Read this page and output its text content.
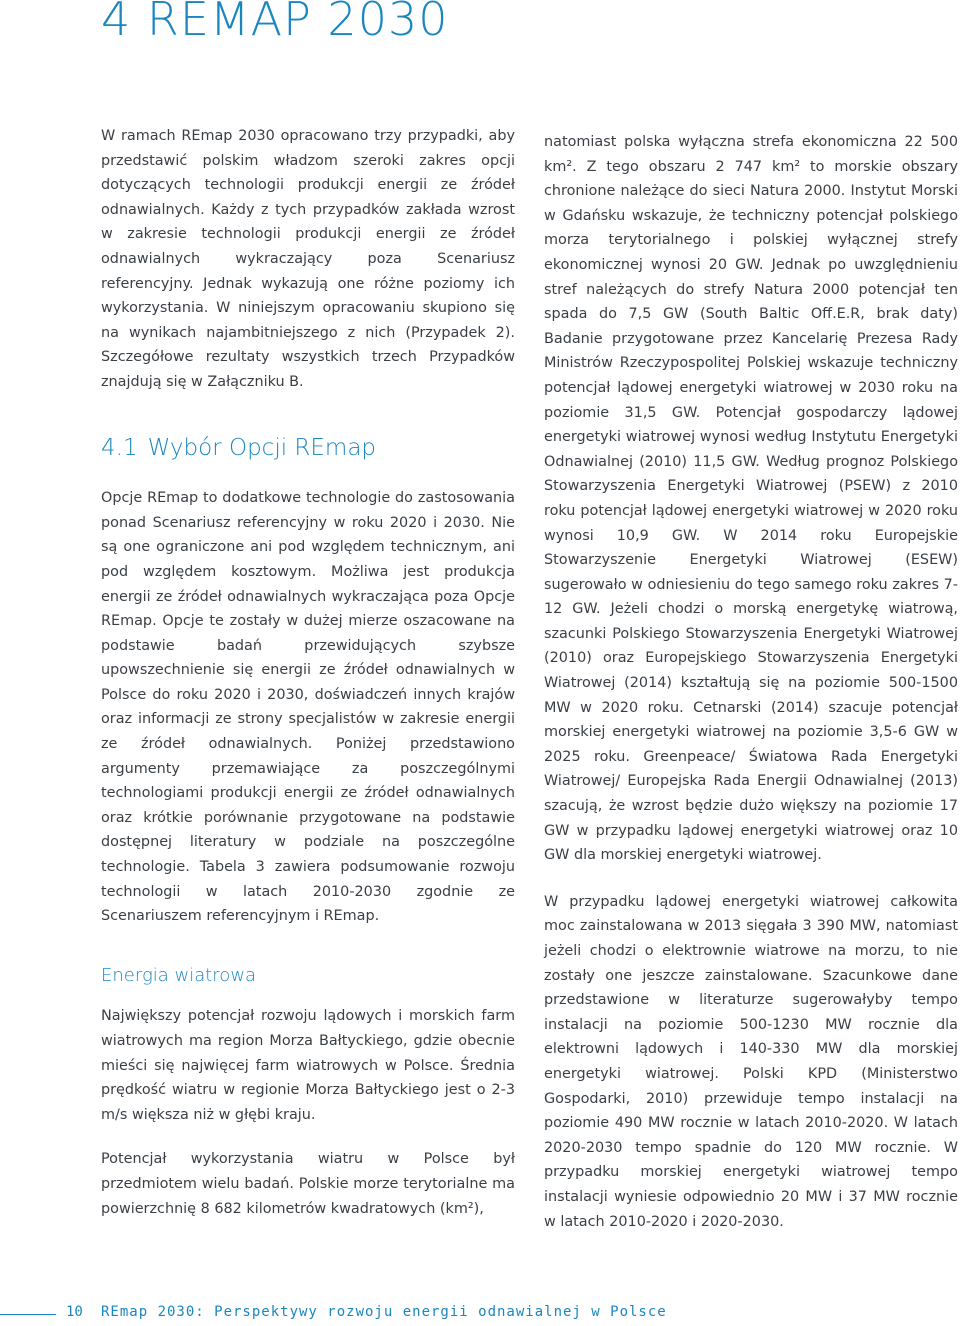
4 REMAP 2030

W ramach REmap 2030 opracowano trzy przypadki, aby przedstawić polskim władzom szeroki zakres opcji dotyczących technologii produkcji energii ze źródeł odnawialnych. Każdy z tych przypadków zakłada wzrost w zakresie technologii produkcji energii ze źródeł odnawialnych wykraczający poza Scenariusz referencyjny. Jednak wykazują one różne poziomy ich wykorzystania. W niniejszym opracowaniu skupiono się na wynikach najambitniejszego z nich (Przypadek 2). Szczegółowe rezultaty wszystkich trzech Przypadków znajdują się w Załączniku B.

4.1 Wybór Opcji REmap

Opcje REmap to dodatkowe technologie do zastosowania ponad Scenariusz referencyjny w roku 2020 i 2030. Nie są one ograniczone ani pod względem technicznym, ani pod względem kosztowym. Możliwa jest produkcja energii ze źródeł odnawialnych wykraczająca poza Opcje REmap. Opcje te zostały w dużej mierze oszacowane na podstawie badań przewidujących szybsze upowszechnienie się energii ze źródeł odnawialnych w Polsce do roku 2020 i 2030, doświadczeń innych krajów oraz informacji ze strony specjalistów w zakresie energii ze źródeł odnawialnych. Poniżej przedstawiono argumenty przemawiające za poszczególnymi technologiami produkcji energii ze źródeł odnawialnych oraz krótkie porównanie przygotowane na podstawie dostępnej literatury w podziale na poszczególne technologie. Tabela 3 zawiera podsumowanie rozwoju technologii w latach 2010-2030 zgodnie ze Scenariuszem referencyjnym i REmap.

Energia wiatrowa

Największy potencjał rozwoju lądowych i morskich farm wiatrowych ma region Morza Bałtyckiego, gdzie obecnie mieści się najwięcej farm wiatrowych w Polsce. Średnia prędkość wiatru w regionie Morza Bałtyckiego jest o 2-3 m/s większa niż w głębi kraju.

Potencjał wykorzystania wiatru w Polsce był przedmiotem wielu badań. Polskie morze terytorialne ma powierzchnię 8 682 kilometrów kwadratowych (km²),

natomiast polska wyłączna strefa ekonomiczna 22 500 km². Z tego obszaru 2 747 km² to morskie obszary chronione należące do sieci Natura 2000. Instytut Morski w Gdańsku wskazuje, że techniczny potencjał polskiego morza terytorialnego i polskiej wyłącznej strefy ekonomicznej wynosi 20 GW. Jednak po uwzględnieniu stref należących do strefy Natura 2000 potencjał ten spada do 7,5 GW (South Baltic Off.E.R, brak daty) Badanie przygotowane przez Kancelarię Prezesa Rady Ministrów Rzeczypospolitej Polskiej wskazuje techniczny potencjał lądowej energetyki wiatrowej w 2030 roku na poziomie 31,5 GW. Potencjał gospodarczy lądowej energetyki wiatrowej wynosi według Instytutu Energetyki Odnawialnej (2010) 11,5 GW. Według prognoz Polskiego Stowarzyszenia Energetyki Wiatrowej (PSEW) z 2010 roku potencjał lądowej energetyki wiatrowej w 2020 roku wynosi 10,9 GW. W 2014 roku Europejskie Stowarzyszenie Energetyki Wiatrowej (ESEW) sugerowało w odniesieniu do tego samego roku zakres 7-12 GW. Jeżeli chodzi o morską energetykę wiatrową, szacunki Polskiego Stowarzyszenia Energetyki Wiatrowej (2010) oraz Europejskiego Stowarzyszenia Energetyki Wiatrowej (2014) kształtują się na poziomie 500-1500 MW w 2020 roku. Cetnarski (2014) szacuje potencjał morskiej energetyki wiatrowej na poziomie 3,5-6 GW w 2025 roku. Greenpeace/ Światowa Rada Energetyki Wiatrowej/ Europejska Rada Energii Odnawialnej (2013) szacują, że wzrost będzie dużo większy na poziomie 17 GW w przypadku lądowej energetyki wiatrowej oraz 10 GW dla morskiej energetyki wiatrowej.

W przypadku lądowej energetyki wiatrowej całkowita moc zainstalowana w 2013 sięgała 3 390 MW, natomiast jeżeli chodzi o elektrownie wiatrowe na morzu, to nie zostały one jeszcze zainstalowane. Szacunkowe dane przedstawione w literaturze sugerowałyby tempo instalacji na poziomie 500-1230 MW rocznie dla elektrowni lądowych i 140-330 MW dla morskiej energetyki wiatrowej. Polski KPD (Ministerstwo Gospodarki, 2010) przewiduje tempo instalacji na poziomie 490 MW rocznie w latach 2010-2020. W latach 2020-2030 tempo spadnie do 120 MW rocznie. W przypadku morskiej energetyki wiatrowej tempo instalacji wyniesie odpowiednio 20 MW i 37 MW rocznie w latach 2010-2020 i 2020-2030.

10 REmap 2030: Perspektywy rozwoju energii odnawialnej w Polsce
